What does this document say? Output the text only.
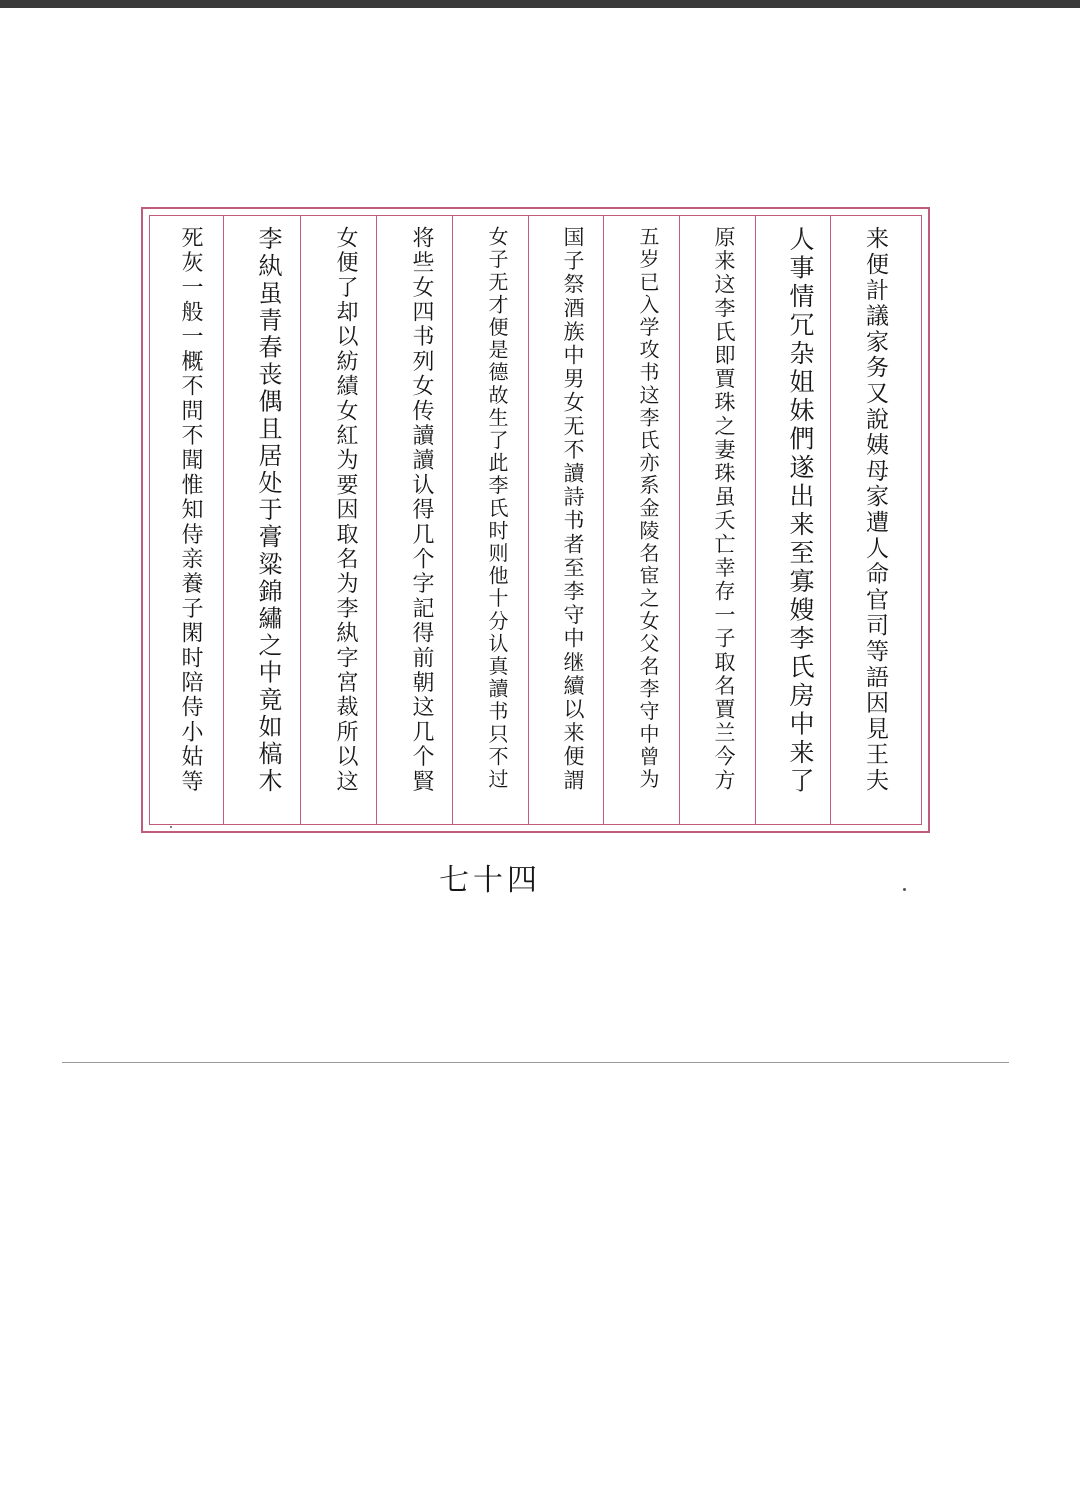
来便計議家务又說姨母家遭人命官司等語因見王夫
人事情冗杂姐妹們遂出来至寡嫂李氏房中来了
原来这李氏即賈珠之妻珠虽夭亡幸存一子取名賈兰今方
五岁已入学攻书这李氏亦系金陵名宦之女父名李守中曾为
国子祭酒族中男女无不讀詩书者至李守中继續以来便謂
女子无才便是德故生了此李氏时则他十分认真讀书只不过
将些女四书列女传讀讀认得几个字記得前朝这几个賢
女便了却以紡績女紅为要因取名为李紈字宮裁所以这
李紈虽青春丧偶且居处于膏粱錦繡之中竟如槁木
死灰一般一概不問不聞惟知侍亲養子閑时陪侍小姑等
七十四
